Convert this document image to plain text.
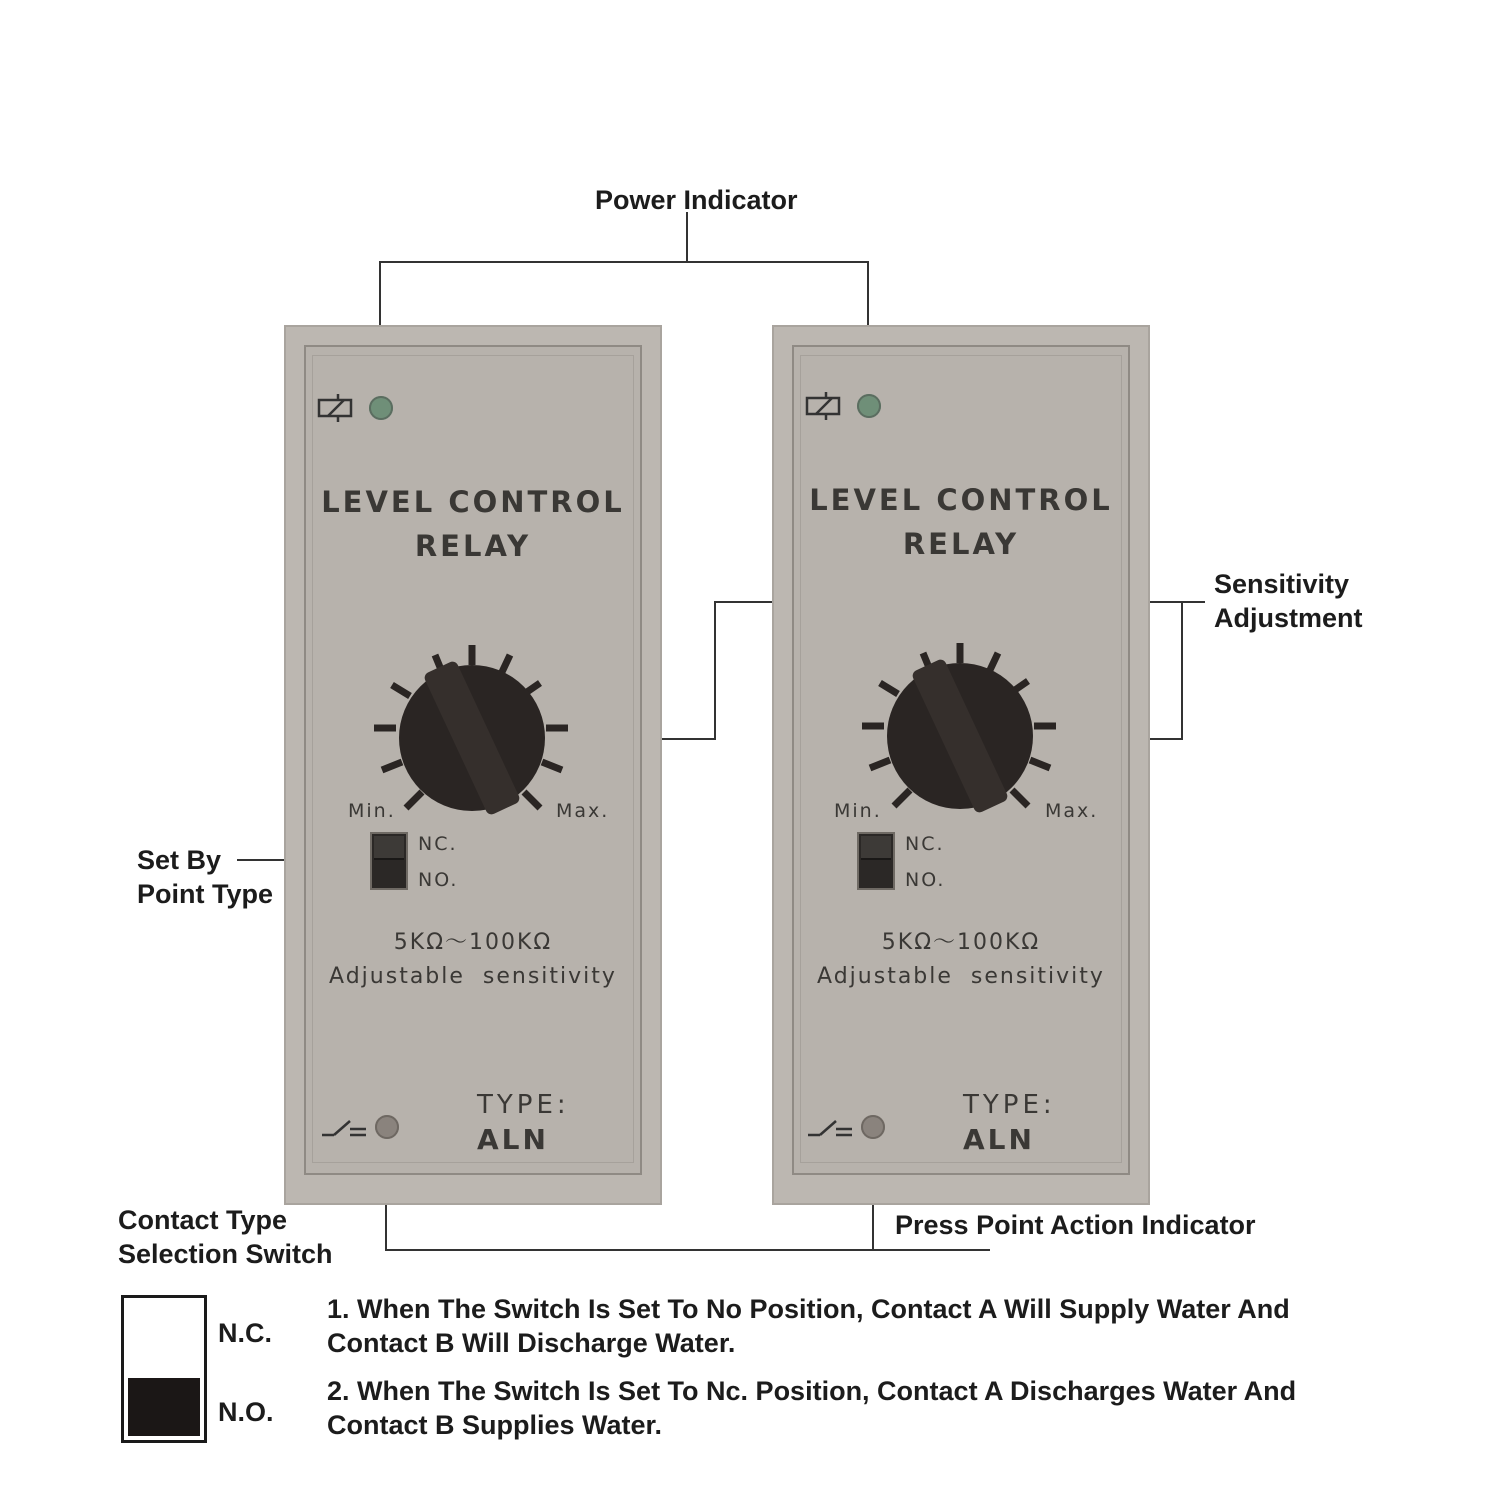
LEVEL CONTROL
RELAY
Min.	Max.
NC.
NO.
5KΩ～100KΩ
Adjustable  sensitivity
TYPE:
ALN
LEVEL CONTROL
RELAY
Min.	Max.
NC.
NO.
5KΩ～100KΩ
Adjustable  sensitivity
TYPE:
ALN
Power Indicator
Sensitivity
Adjustment
Set By
Point Type
Contact Type
Selection Switch
Press Point Action Indicator
N.C.
N.O.
1. When The Switch Is Set To No Position, Contact A Will Supply Water And
Contact B Will Discharge Water.
2. When The Switch Is Set To Nc. Position, Contact A Discharges Water And
Contact B Supplies Water.
